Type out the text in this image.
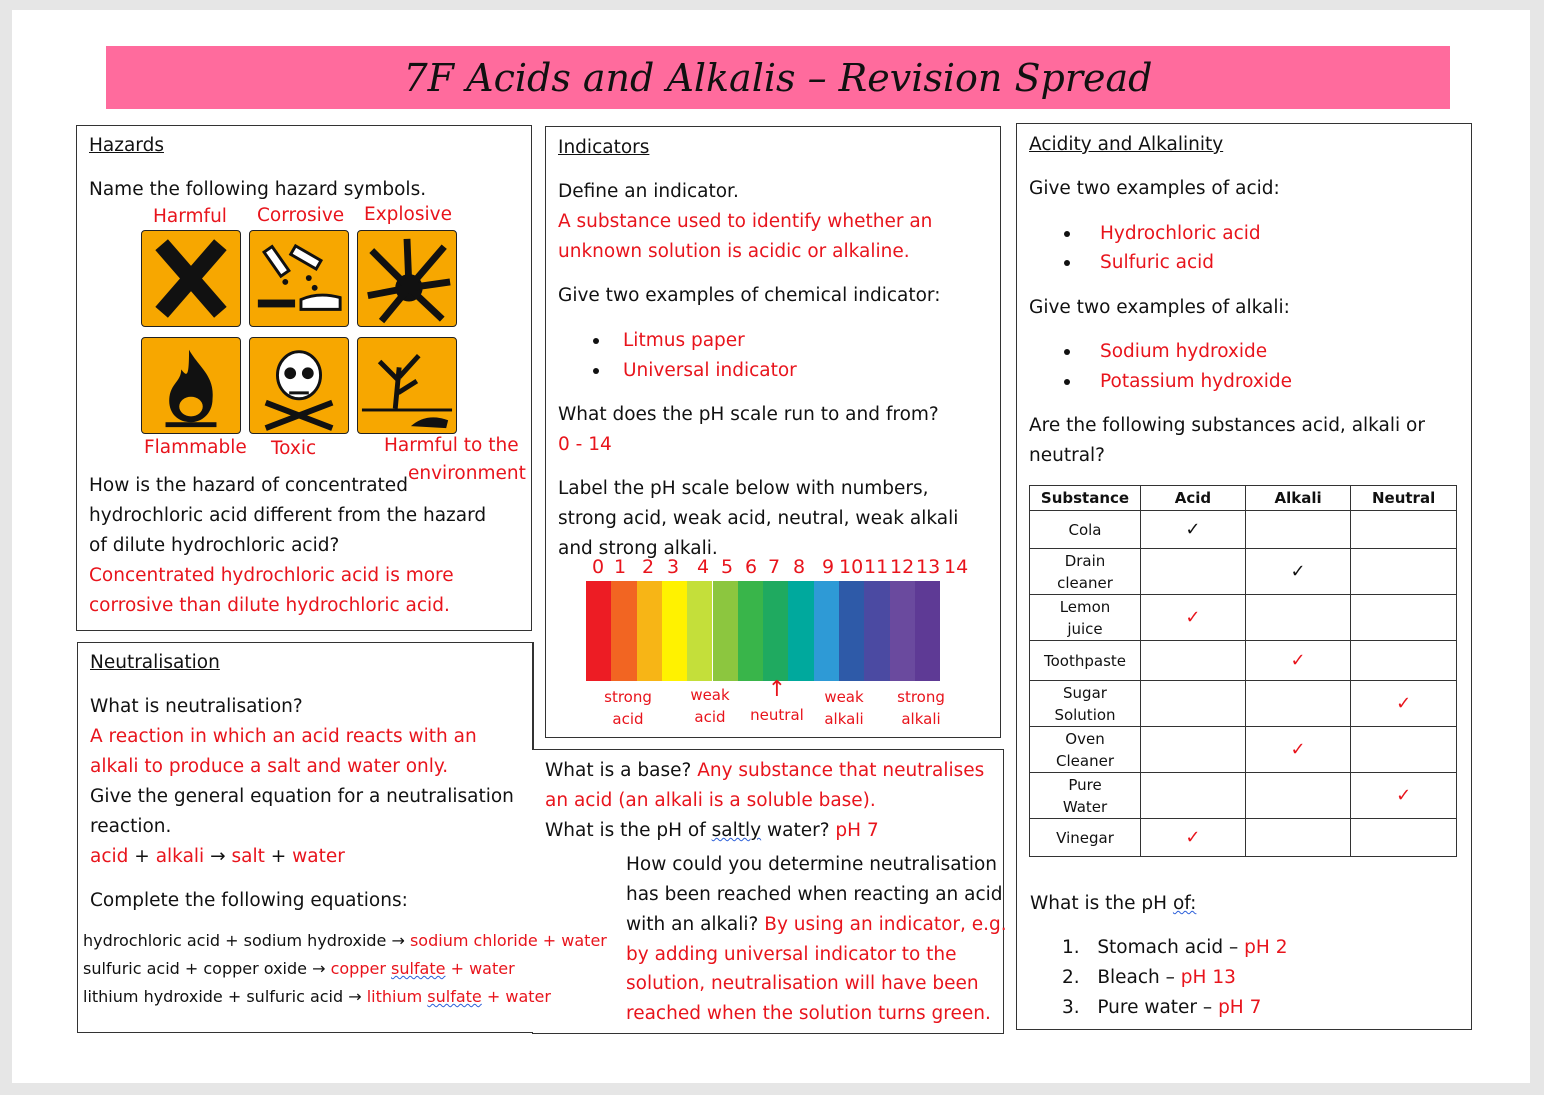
7F Acids and Alkalis – Revision Spread
Hazards
Name the following hazard symbols.
Harmful Corrosive Explosive
Flammable Toxic	Harmful to the
environment
How is the hazard of concentrated
hydrochloric acid different from the hazard
of dilute hydrochloric acid?
Concentrated hydrochloric acid is more
corrosive than dilute hydrochloric acid.
Indicators
Define an indicator.
A substance used to identify whether an
unknown solution is acidic or alkaline.
Give two examples of chemical indicator:
Litmus paper
Universal indicator
What does the pH scale run to and from?
0 - 14
Label the pH scale below with numbers,
strong acid, weak acid, neutral, weak alkali
and strong alkali.
0 1 2 3 4 5 6 7 8 9 10 11 12 13 14
strong
acid
weak
acid
↑
neutral
weak
alkali
strong
alkali
What is a base? Any substance that neutralises
an acid (an alkali is a soluble base).
What is the pH of saltly water? pH 7
How could you determine neutralisation
has been reached when reacting an acid
with an alkali? By using an indicator, e.g.
by adding universal indicator to the
solution, neutralisation will have been
reached when the solution turns green.
Neutralisation
What is neutralisation?
A reaction in which an acid reacts with an
alkali to produce a salt and water only.
Give the general equation for a neutralisation
reaction.
acid + alkali → salt + water
Complete the following equations:
hydrochloric acid + sodium hydroxide → sodium chloride + water
sulfuric acid + copper oxide → copper sulfate + water
lithium hydroxide + sulfuric acid → lithium sulfate + water
Acidity and Alkalinity
Give two examples of acid:
Hydrochloric acid
Sulfuric acid
Give two examples of alkali:
Sodium hydroxide
Potassium hydroxide
Are the following substances acid, alkali or
neutral?
Substance	Acid	Alkali	Neutral
Cola	✓		
Drain cleaner		✓	
Lemon juice	✓		
Toothpaste		✓	
Sugar Solution			✓
Oven Cleaner		✓	
Pure Water			✓
Vinegar	✓		
What is the pH of:
1. Stomach acid – pH 2
2. Bleach – pH 13
3. Pure water – pH 7
